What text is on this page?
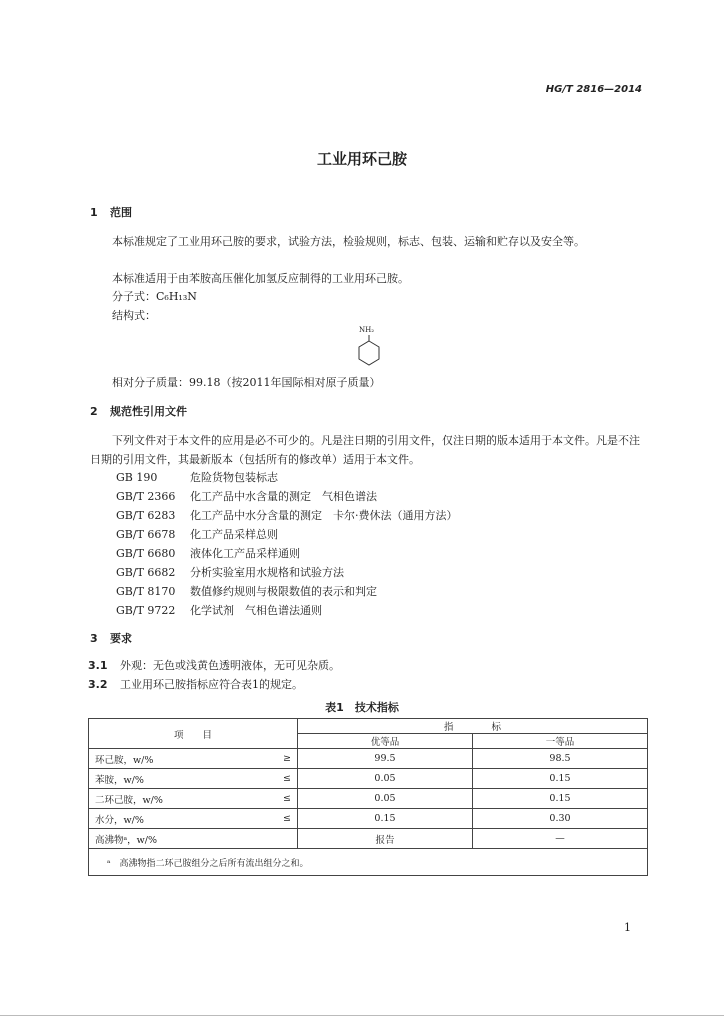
HG/T 2816—2014
工业用环己胺
1 范围
本标准规定了工业用环己胺的要求，试验方法，检验规则，标志、包装、运输和贮存以及安全等。
本标准适用于由苯胺高压催化加氢反应制得的工业用环己胺。
分子式：C₆H₁₃N
结构式：
NH₂
相对分子质量：99.18（按2011年国际相对原子质量）
2 规范性引用文件
下列文件对于本文件的应用是必不可少的。凡是注日期的引用文件，仅注日期的版本适用于本文件。凡是不注日期的引用文件，其最新版本（包括所有的修改单）适用于本文件。
GB 190	危险货物包装标志
GB/T 2366 化工产品中水含量的测定　气相色谱法
GB/T 6283 化工产品中水分含量的测定　卡尔·费休法（通用方法）
GB/T 6678 化工产品采样总则
GB/T 6680 液体化工产品采样通则
GB/T 6682 分析实验室用水规格和试验方法
GB/T 8170 数值修约规则与极限数值的表示和判定
GB/T 9722 化学试剂　气相色谱法通则
3 要求
3.1 外观：无色或浅黄色透明液体，无可见杂质。
3.2 工业用环己胺指标应符合表1的规定。
表1　技术指标
项　　目		指　　　　标	
		优等品	一等品
环己胺，w/%	≥	99.5	98.5
苯胺，w/%	≤	0.05	0.15
二环己胺，w/%	≤	0.05	0.15
水分，w/%	≤	0.15	0.30
高沸物ᵃ，w/%		报告	—
ᵃ　高沸物指二环己胺组分之后所有流出组分之和。			
1
